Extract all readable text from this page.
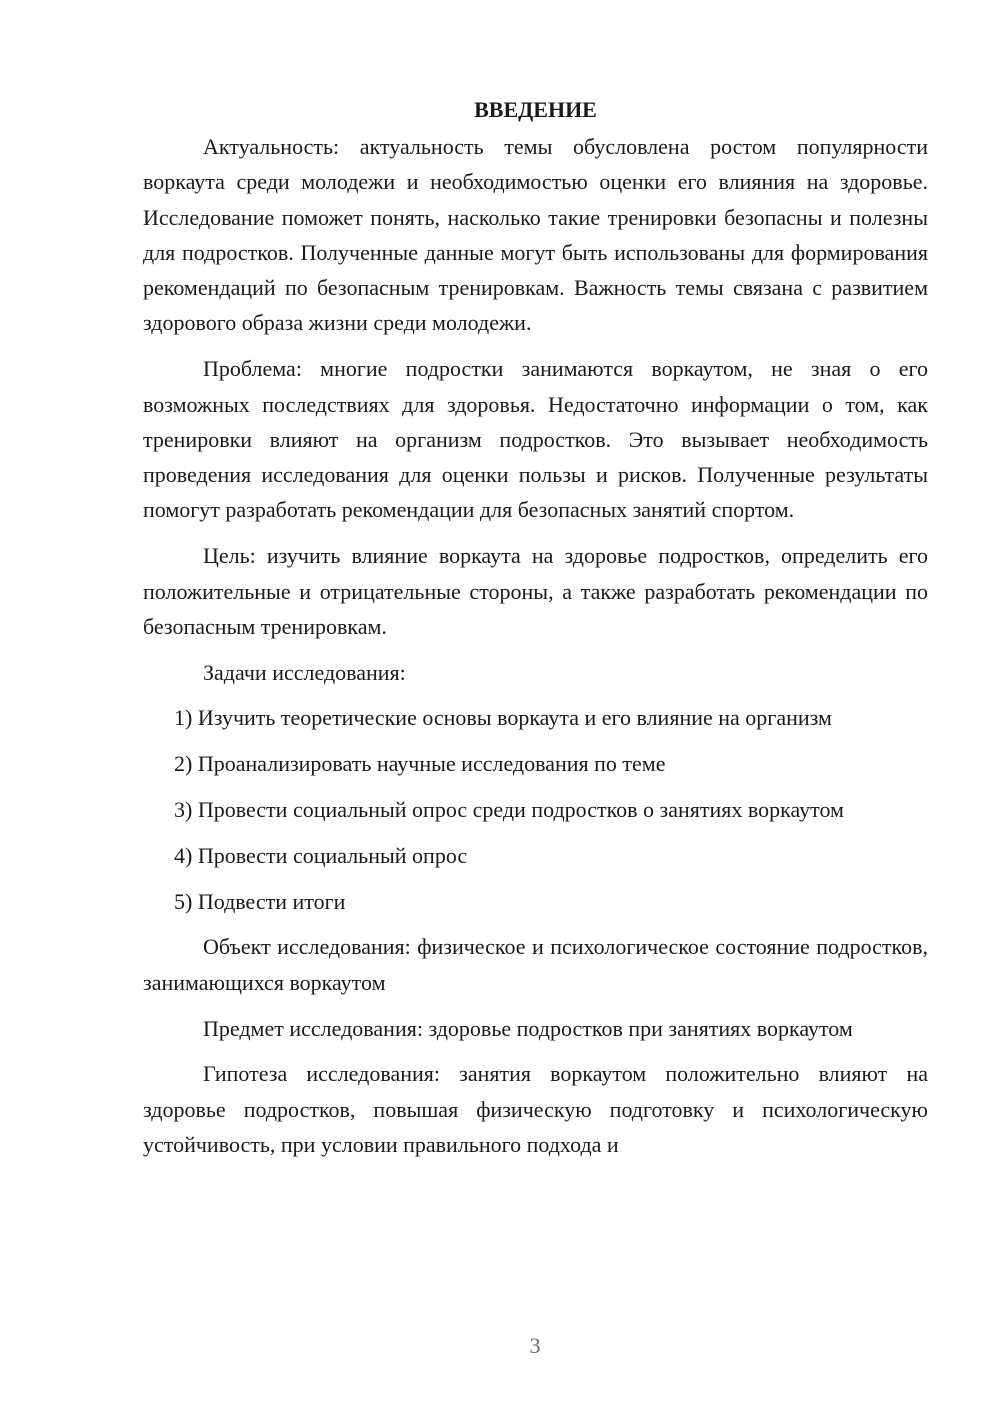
ВВЕДЕНИЕ

Актуальность: актуальность темы обусловлена ростом популярности воркаута среди молодежи и необходимостью оценки его влияния на здоровье. Исследование поможет понять, насколько такие тренировки безопасны и полезны для подростков. Полученные данные могут быть использованы для формирования рекомендаций по безопасным тренировкам. Важность темы связана с развитием здорового образа жизни среди молодежи.

Проблема: многие подростки занимаются воркаутом, не зная о его возможных последствиях для здоровья. Недостаточно информации о том, как тренировки влияют на организм подростков. Это вызывает необходимость проведения исследования для оценки пользы и рисков. Полученные результаты помогут разработать рекомендации для безопасных занятий спортом.

Цель: изучить влияние воркаута на здоровье подростков, определить его положительные и отрицательные стороны, а также разработать рекомендации по безопасным тренировкам.

Задачи исследования:

1) Изучить теоретические основы воркаута и его влияние на организм

2) Проанализировать научные исследования по теме

3) Провести социальный опрос среди подростков о занятиях воркаутом

4) Провести социальный опрос

5) Подвести итоги

Объект исследования: физическое и психологическое состояние подростков, занимающихся воркаутом

Предмет исследования: здоровье подростков при занятиях воркаутом

Гипотеза исследования: занятия воркаутом положительно влияют на здоровье подростков, повышая физическую подготовку и психологическую устойчивость, при условии правильного подхода и

3
